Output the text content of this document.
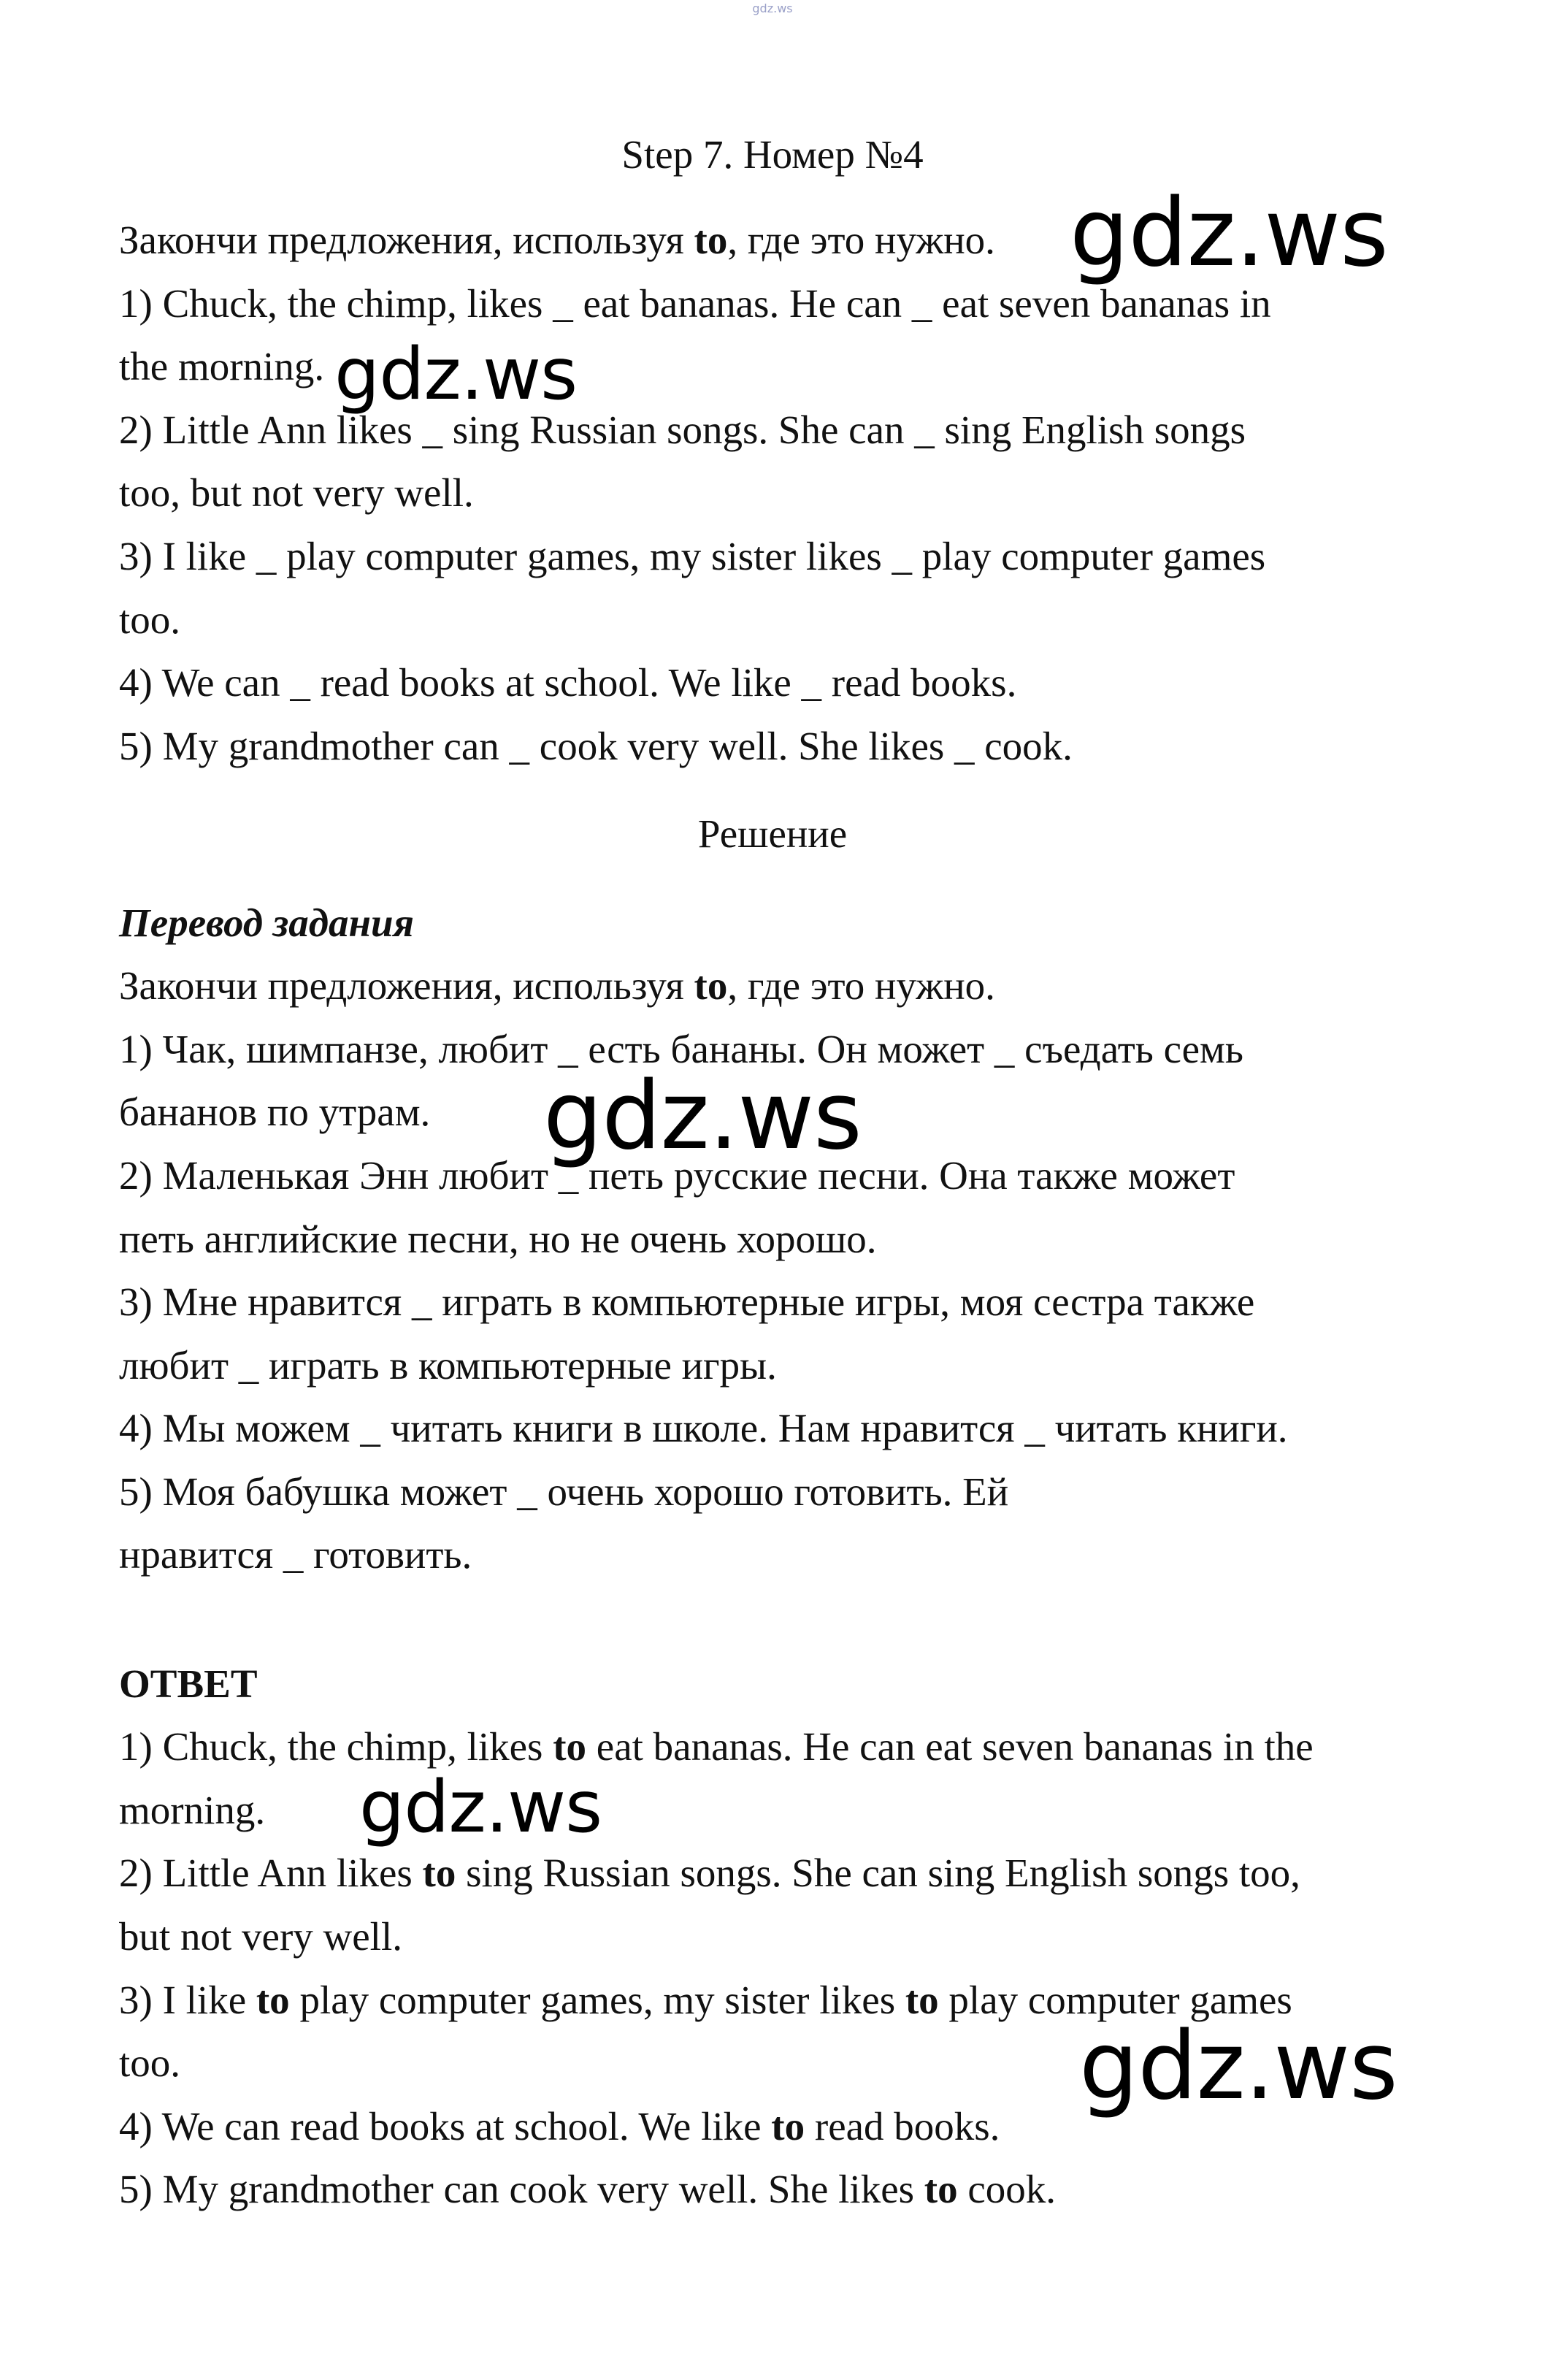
gdz.ws
Step 7. Номер №4
Закончи предложения, используя to, где это нужно.
1) Chuck, the chimp, likes _ eat bananas. He can _ eat seven bananas in
the morning.
2) Little Ann likes _ sing Russian songs. She can _ sing English songs
too, but not very well.
3) I like _ play computer games, my sister likes _ play computer games
too.
4) We can _ read books at school. We like _ read books.
5) My grandmother can _ cook very well. She likes _ cook.
Решение
Перевод задания
Закончи предложения, используя to, где это нужно.
1) Чак, шимпанзе, любит _ есть бананы. Он может _ съедать семь
бананов по утрам.
2) Маленькая Энн любит _ петь русские песни. Она также может
петь английские песни, но не очень хорошо.
3) Мне нравится _ играть в компьютерные игры, моя сестра также
любит _ играть в компьютерные игры.
4) Мы можем _ читать книги в школе. Нам нравится _ читать книги.
5) Моя бабушка может _ очень хорошо готовить. Ей
нравится _ готовить.
ОТВЕТ
1) Chuck, the chimp, likes to eat bananas. He can eat seven bananas in the
morning.
2) Little Ann likes to sing Russian songs. She can sing English songs too,
but not very well.
3) I like to play computer games, my sister likes to play computer games
too.
4) We can read books at school. We like to read books.
5) My grandmother can cook very well. She likes to cook.
gdz.ws
gdz.ws
gdz.ws
gdz.ws
gdz.ws
